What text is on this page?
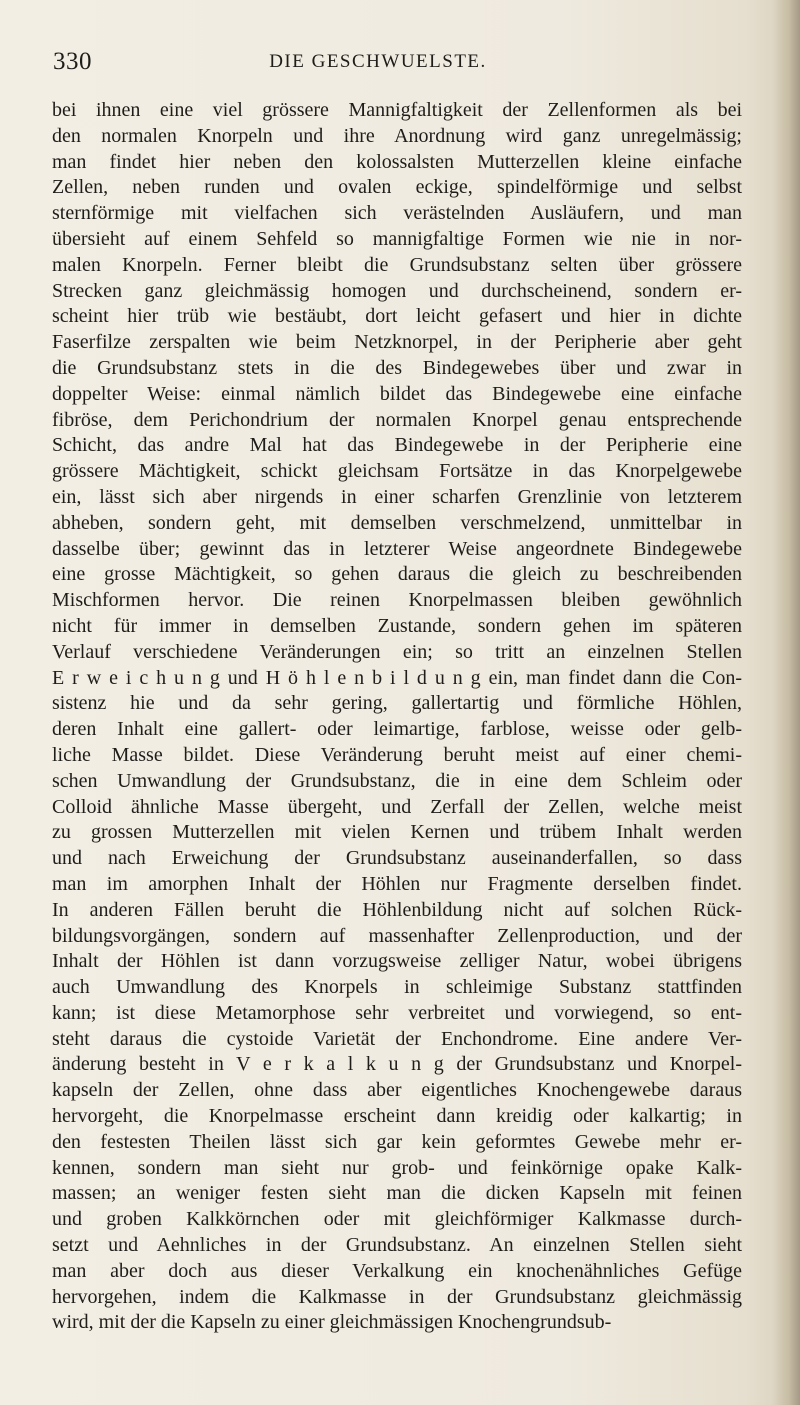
330	DIE GESCHWUELSTE.
bei ihnen eine viel grössere Mannigfaltigkeit der Zellenformen als bei
den normalen Knorpeln und ihre Anordnung wird ganz unregelmässig;
man findet hier neben den kolossalsten Mutterzellen kleine einfache
Zellen, neben runden und ovalen eckige, spindelförmige und selbst
sternförmige mit vielfachen sich verästelnden Ausläufern, und man
übersieht auf einem Sehfeld so mannigfaltige Formen wie nie in nor-
malen Knorpeln. Ferner bleibt die Grundsubstanz selten über grössere
Strecken ganz gleichmässig homogen und durchscheinend, sondern er-
scheint hier trüb wie bestäubt, dort leicht gefasert und hier in dichte
Faserfilze zerspalten wie beim Netzknorpel, in der Peripherie aber geht
die Grundsubstanz stets in die des Bindegewebes über und zwar in
doppelter Weise: einmal nämlich bildet das Bindegewebe eine einfache
fibröse, dem Perichondrium der normalen Knorpel genau entsprechende
Schicht, das andre Mal hat das Bindegewebe in der Peripherie eine
grössere Mächtigkeit, schickt gleichsam Fortsätze in das Knorpelgewebe
ein, lässt sich aber nirgends in einer scharfen Grenzlinie von letzterem
abheben, sondern geht, mit demselben verschmelzend, unmittelbar in
dasselbe über; gewinnt das in letzterer Weise angeordnete Bindegewebe
eine grosse Mächtigkeit, so gehen daraus die gleich zu beschreibenden
Mischformen hervor. Die reinen Knorpelmassen bleiben gewöhnlich
nicht für immer in demselben Zustande, sondern gehen im späteren
Verlauf verschiedene Veränderungen ein; so tritt an einzelnen Stellen
E r w e i c h u n g und H ö h l e n b i l d u n g ein, man findet dann die Con-
sistenz hie und da sehr gering, gallertartig und förmliche Höhlen,
deren Inhalt eine gallert- oder leimartige, farblose, weisse oder gelb-
liche Masse bildet. Diese Veränderung beruht meist auf einer chemi-
schen Umwandlung der Grundsubstanz, die in eine dem Schleim oder
Colloid ähnliche Masse übergeht, und Zerfall der Zellen, welche meist
zu grossen Mutterzellen mit vielen Kernen und trübem Inhalt werden
und nach Erweichung der Grundsubstanz auseinanderfallen, so dass
man im amorphen Inhalt der Höhlen nur Fragmente derselben findet.
In anderen Fällen beruht die Höhlenbildung nicht auf solchen Rück-
bildungsvorgängen, sondern auf massenhafter Zellenproduction, und der
Inhalt der Höhlen ist dann vorzugsweise zelliger Natur, wobei übrigens
auch Umwandlung des Knorpels in schleimige Substanz stattfinden
kann; ist diese Metamorphose sehr verbreitet und vorwiegend, so ent-
steht daraus die cystoide Varietät der Enchondrome. Eine andere Ver-
änderung besteht in V e r k a l k u n g der Grundsubstanz und Knorpel-
kapseln der Zellen, ohne dass aber eigentliches Knochengewebe daraus
hervorgeht, die Knorpelmasse erscheint dann kreidig oder kalkartig; in
den festesten Theilen lässt sich gar kein geformtes Gewebe mehr er-
kennen, sondern man sieht nur grob- und feinkörnige opake Kalk-
massen; an weniger festen sieht man die dicken Kapseln mit feinen
und groben Kalkkörnchen oder mit gleichförmiger Kalkmasse durch-
setzt und Aehnliches in der Grundsubstanz. An einzelnen Stellen sieht
man aber doch aus dieser Verkalkung ein knochenähnliches Gefüge
hervorgehen, indem die Kalkmasse in der Grundsubstanz gleichmässig
wird, mit der die Kapseln zu einer gleichmässigen Knochengrundsub-
